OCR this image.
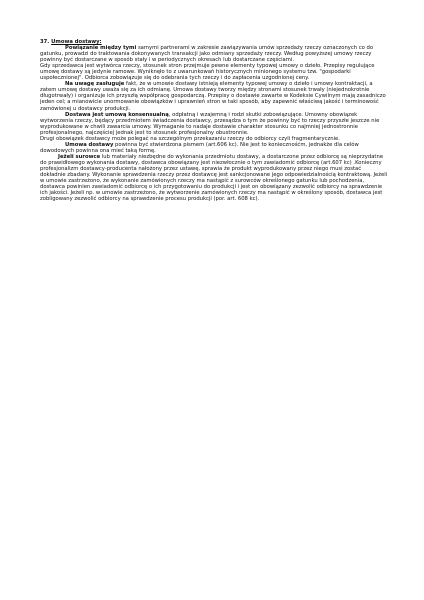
37. Umowa dostawy:

Powiązanie między tymi samymi partnerami w zakresie zawiązywania umów sprzedaży rzeczy oznaczonych co do gatunku, prowadzi do traktowania dokonywanych transakcji jako odmiany sprzedaży rzeczy. Według powyższej umowy rzeczy powinny być dostarczane w sposób stały i w periodycznych okresach lub dostarczane częściami.

Gdy sprzedawca jest wytwórca rzeczy, stosunek stron przejmuje pewne elementy typowej umowy o dzieło. Przepisy regulujące umowę dostawy są jedynie ramowe. Wyniknęło to z uwarunkowań historycznych minionego systemu tzw. "gospodarki uspołecznionej". Odbiorca zobowiązuje się do odebrania tych rzeczy i do zapłacenia uzgodnionej ceny.

Na uwagę zasługuje fakt, że w umowie dostawy istnieją elementy typowej umowy o dzieło i umowy kontraktacji, a zatem umowę dostawy uważa się za ich odmianę. Umowa dostawy tworzy między stronami stosunek trwały (niejednokrotnie długotrwały) i organizuje ich przyszłą współpracę gospodarczą. Przepisy o dostawie zawarte w Kodeksie Cywilnym mają zasadniczo jeden cel; a mianowicie unormowanie obowiązków i uprawnień stron w taki sposób, aby zapewnić właściwą jakość i terminowość zamówionej u dostawcy produkcji.

Dostawa jest umową konsensualną, odpłatną i wzajemną i rodzi skutki zobowiązujące. Umowny obowiązek wytworzenia rzeczy, będący przedmiotem świadczenia dostawcy, przesądza o tym że powinny być to rzeczy przyszłe jeszcze nie wyprodukowane w chwili zawarcia umowy. Wymaganie to nadaje dostawie charakter stosunku co najmniej jednostronnie profesjonalnego, najczęściej jednak jest to stosunek profesjonalny obustronnie.

Drugi obowiązek dostawcy może polegać na szczególnym przekazaniu rzeczy do odbiorcy czyli fragmentarycznie.

Umowa dostawy powinna być stwierdzona pismem (art.606 kc). Nie jest to koniecznośćm, jednakże dla celów dowodowych powinna ona mieć taką formę.

Jeżeli surowce lub materiały niezbędne do wykonania przedmiotu dostawy, a dostarczone przez odbiorcę są nieprzydatne do prawidłowego wykonania dostawy, dostawca obowiązany jest niezwłocznie o tym zawiadomić odbiorcę (art.607 kc) .Konieczny profesjonalizm dostawcy-producenta nałożony przez ustawę, sprawia że produkt wyprodukowany przez niego musi zostać dokładnie zbadany. Wykonanie sprawdzenia rzeczy przez dostawcę jest sankcjonowane jego odpowiedzialnością kontraktową. Jeżeli w umowie zastrzeżono, że wykonanie zamówionych rzeczy ma nastąpić z surowców określonego gatunku lub pochodzenia, dostawca powinien zawiadomić odbiorcę o ich przygotowaniu do produkcji i jest on obowiązany zezwolić odbiorcy na sprawdzenie ich jakości. Jeżeli np. w umowie zastrzeżono, że wytworzenie zamówionych rzeczy ma nastąpić w określony sposób, dostawca jest zobligowany zezwolić odbiorcy na sprawdzenie procesu produkcji (por. art. 608 kc).
